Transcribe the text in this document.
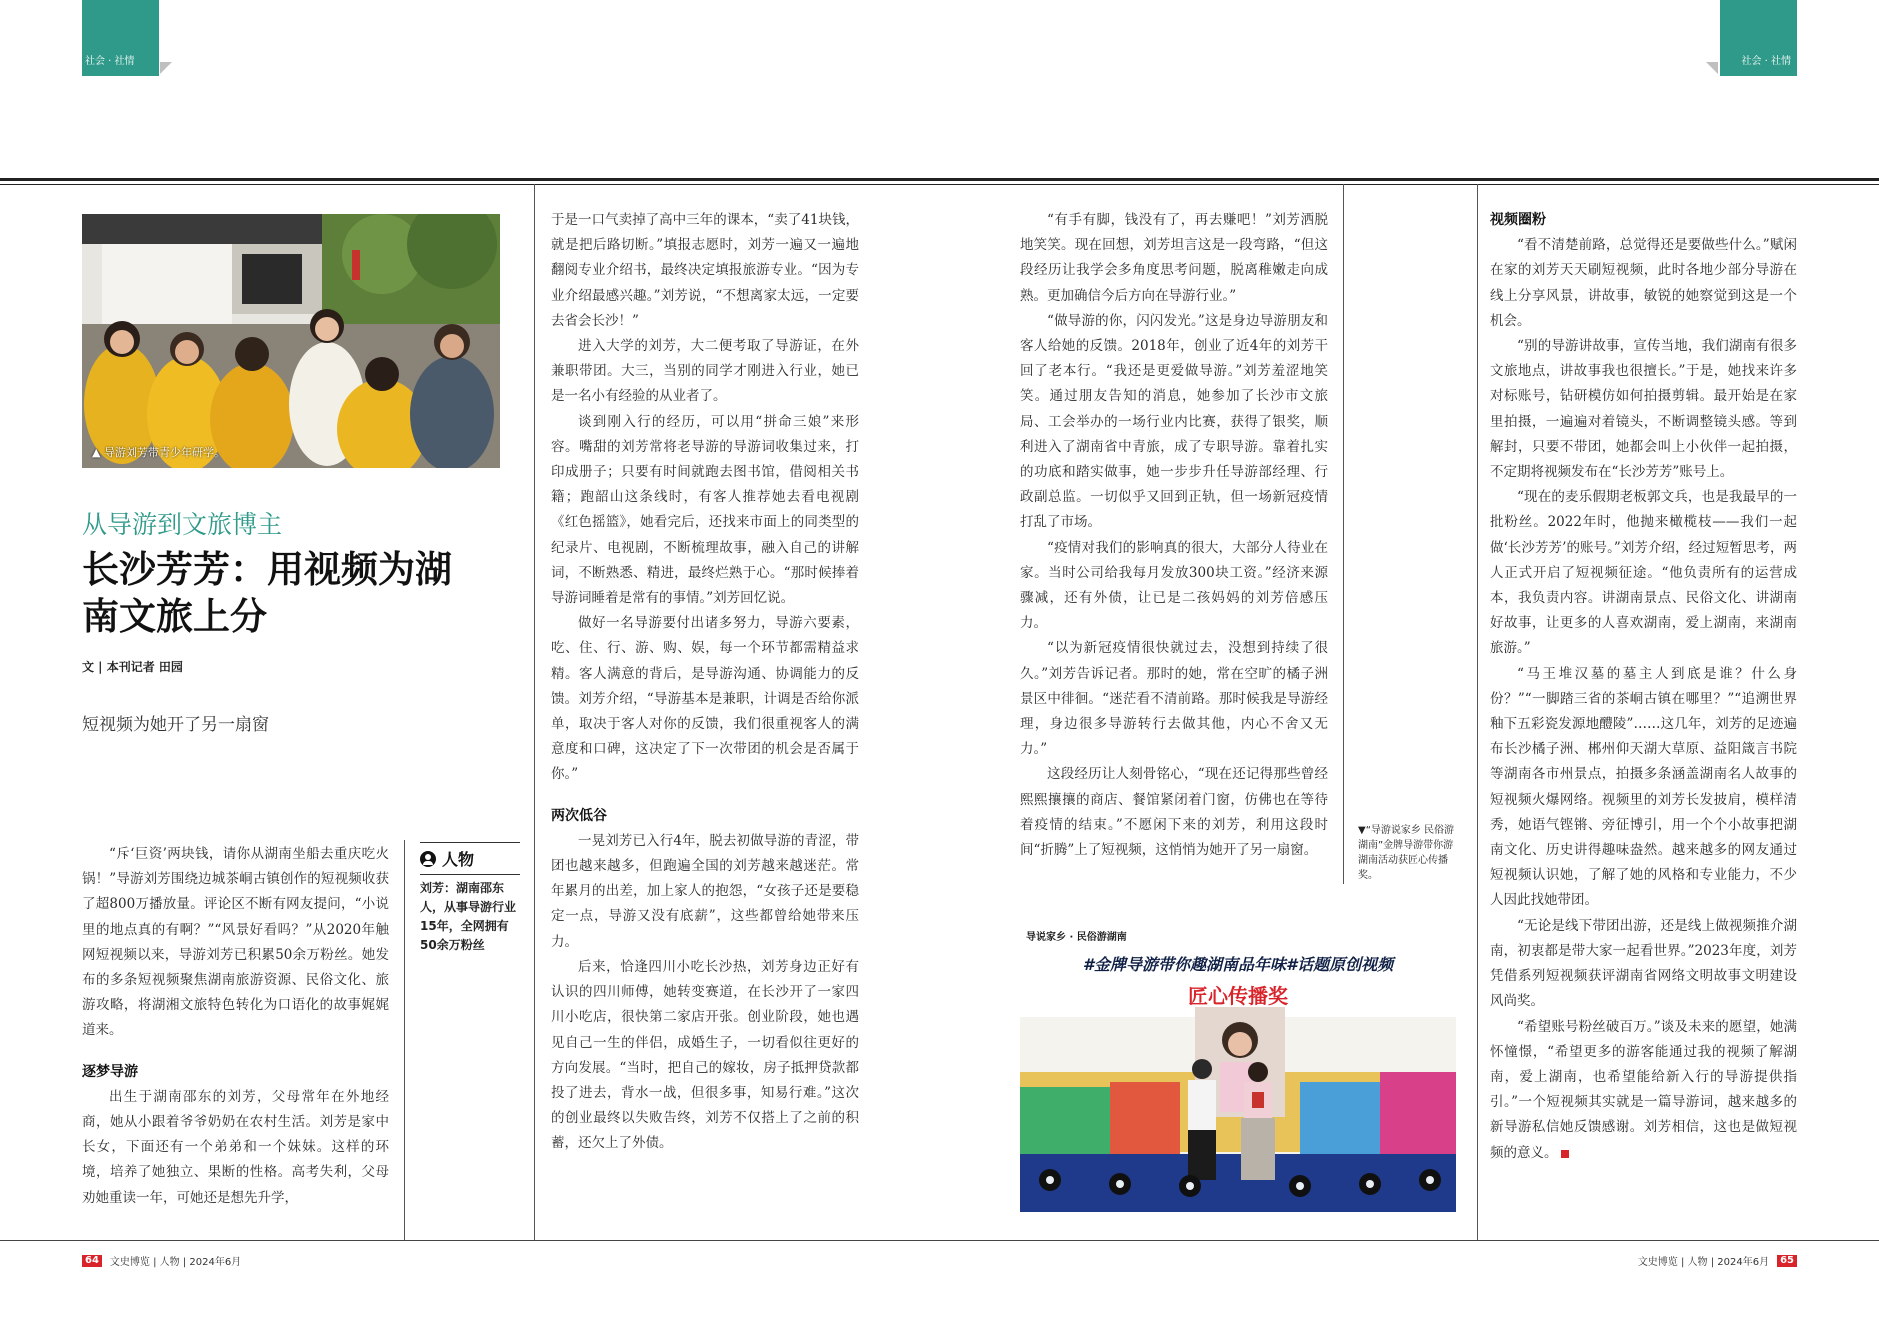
社会 · 社情	社会 · 社情
▲ 导游刘芳带青少年研学。
从导游到文旅博主
长沙芳芳：用视频为湖南文旅上分
文 | 本刊记者 田园
短视频为她开了另一扇窗

“斥‘巨资’两块钱，请你从湖南坐船去重庆吃火锅！”导游刘芳围绕边城茶峒古镇创作的短视频收获了超800万播放量。评论区不断有网友提问，“小说里的地点真的有啊？”“风景好看吗？”从2020年触网短视频以来，导游刘芳已积累50余万粉丝。她发布的多条短视频聚焦湖南旅游资源、民俗文化、旅游攻略，将湖湘文旅特色转化为口语化的故事娓娓道来。

逐梦导游

出生于湖南邵东的刘芳，父母常年在外地经商，她从小跟着爷爷奶奶在农村生活。刘芳是家中长女，下面还有一个弟弟和一个妹妹。这样的环境，培养了她独立、果断的性格。高考失利，父母劝她重读一年，可她还是想先升学，

人物
刘芳：湖南邵东人，从事导游行业15年，全网拥有50余万粉丝

于是一口气卖掉了高中三年的课本，“卖了41块钱，就是把后路切断。”填报志愿时，刘芳一遍又一遍地翻阅专业介绍书，最终决定填报旅游专业。“因为专业介绍最感兴趣。”刘芳说，“不想离家太远，一定要去省会长沙！”

进入大学的刘芳，大二便考取了导游证，在外兼职带团。大三，当别的同学才刚进入行业，她已是一名小有经验的从业者了。

谈到刚入行的经历，可以用“拼命三娘”来形容。嘴甜的刘芳常将老导游的导游词收集过来，打印成册子；只要有时间就跑去图书馆，借阅相关书籍；跑韶山这条线时，有客人推荐她去看电视剧《红色摇篮》，她看完后，还找来市面上的同类型的纪录片、电视剧，不断梳理故事，融入自己的讲解词，不断熟悉、精进，最终烂熟于心。“那时候捧着导游词睡着是常有的事情。”刘芳回忆说。

做好一名导游要付出诸多努力，导游六要素，吃、住、行、游、购、娱，每一个环节都需精益求精。客人满意的背后，是导游沟通、协调能力的反馈。刘芳介绍，“导游基本是兼职，计调是否给你派单，取决于客人对你的反馈，我们很重视客人的满意度和口碑，这决定了下一次带团的机会是否属于你。”

两次低谷

一晃刘芳已入行4年，脱去初做导游的青涩，带团也越来越多，但跑遍全国的刘芳越来越迷茫。常年累月的出差，加上家人的抱怨，“女孩子还是要稳定一点，导游又没有底薪”，这些都曾给她带来压力。

后来，恰逢四川小吃长沙热，刘芳身边正好有认识的四川师傅，她转变赛道，在长沙开了一家四川小吃店，很快第二家店开张。创业阶段，她也遇见自己一生的伴侣，成婚生子，一切看似往更好的方向发展。“当时，把自己的嫁妆，房子抵押贷款都投了进去，背水一战，但很多事，知易行难。”这次的创业最终以失败告终，刘芳不仅搭上了之前的积蓄，还欠上了外债。

“有手有脚，钱没有了，再去赚吧！”刘芳洒脱地笑笑。现在回想，刘芳坦言这是一段弯路，“但这段经历让我学会多角度思考问题，脱离稚嫩走向成熟。更加确信今后方向在导游行业。”

“做导游的你，闪闪发光。”这是身边导游朋友和客人给她的反馈。2018年，创业了近4年的刘芳干回了老本行。“我还是更爱做导游。”刘芳羞涩地笑笑。通过朋友告知的消息，她参加了长沙市文旅局、工会举办的一场行业内比赛，获得了银奖，顺利进入了湖南省中青旅，成了专职导游。靠着扎实的功底和踏实做事，她一步步升任导游部经理、行政副总监。一切似乎又回到正轨，但一场新冠疫情打乱了市场。

“疫情对我们的影响真的很大，大部分人待业在家。当时公司给我每月发放300块工资。”经济来源骤减，还有外债，让已是二孩妈妈的刘芳倍感压力。

“以为新冠疫情很快就过去，没想到持续了很久。”刘芳告诉记者。那时的她，常在空旷的橘子洲景区中徘徊。“迷茫看不清前路。那时候我是导游经理，身边很多导游转行去做其他，内心不舍又无力。”

这段经历让人刻骨铭心，“现在还记得那些曾经熙熙攘攘的商店、餐馆紧闭着门窗，仿佛也在等待着疫情的结束。”不愿闲下来的刘芳，利用这段时间“折腾”上了短视频，这悄悄为她开了另一扇窗。

▼“导游说家乡 民俗游湖南”金牌导游带你游湖南活动获匠心传播奖。
导说家乡 · 民俗游湖南
#金牌导游带你趣湖南品年味#话题原创视频
匠心传播奖
视频圈粉

“看不清楚前路，总觉得还是要做些什么。”赋闲在家的刘芳天天刷短视频，此时各地少部分导游在线上分享风景，讲故事，敏锐的她察觉到这是一个机会。

“别的导游讲故事，宣传当地，我们湖南有很多文旅地点，讲故事我也很擅长。”于是，她找来许多对标账号，钻研模仿如何拍摄剪辑。最开始是在家里拍摄，一遍遍对着镜头，不断调整镜头感。等到解封，只要不带团，她都会叫上小伙伴一起拍摄，不定期将视频发布在“长沙芳芳”账号上。

“现在的麦乐假期老板郭文兵，也是我最早的一批粉丝。2022年时，他抛来橄榄枝——我们一起做‘长沙芳芳’的账号。”刘芳介绍，经过短暂思考，两人正式开启了短视频征途。“他负责所有的运营成本，我负责内容。讲湖南景点、民俗文化、讲湖南好故事，让更多的人喜欢湖南，爱上湖南，来湖南旅游。”

“马王堆汉墓的墓主人到底是谁？什么身份？”“一脚踏三省的茶峒古镇在哪里？”“追溯世界釉下五彩瓷发源地醴陵”……这几年，刘芳的足迹遍布长沙橘子洲、郴州仰天湖大草原、益阳箴言书院等湖南各市州景点，拍摄多条涵盖湖南名人故事的短视频火爆网络。视频里的刘芳长发披肩，模样清秀，她语气铿锵、旁征博引，用一个个小故事把湖南文化、历史讲得趣味盎然。越来越多的网友通过短视频认识她，了解了她的风格和专业能力，不少人因此找她带团。

“无论是线下带团出游，还是线上做视频推介湖南，初衷都是带大家一起看世界。”2023年度，刘芳凭借系列短视频获评湖南省网络文明故事文明建设风尚奖。

“希望账号粉丝破百万。”谈及未来的愿望，她满怀憧憬，“希望更多的游客能通过我的视频了解湖南，爱上湖南，也希望能给新入行的导游提供指引。”一个短视频其实就是一篇导游词，越来越多的新导游私信她反馈感谢。刘芳相信，这也是做短视频的意义。

64	文史博览 | 人物 | 2024年6月	文史博览 | 人物 | 2024年6月	65
